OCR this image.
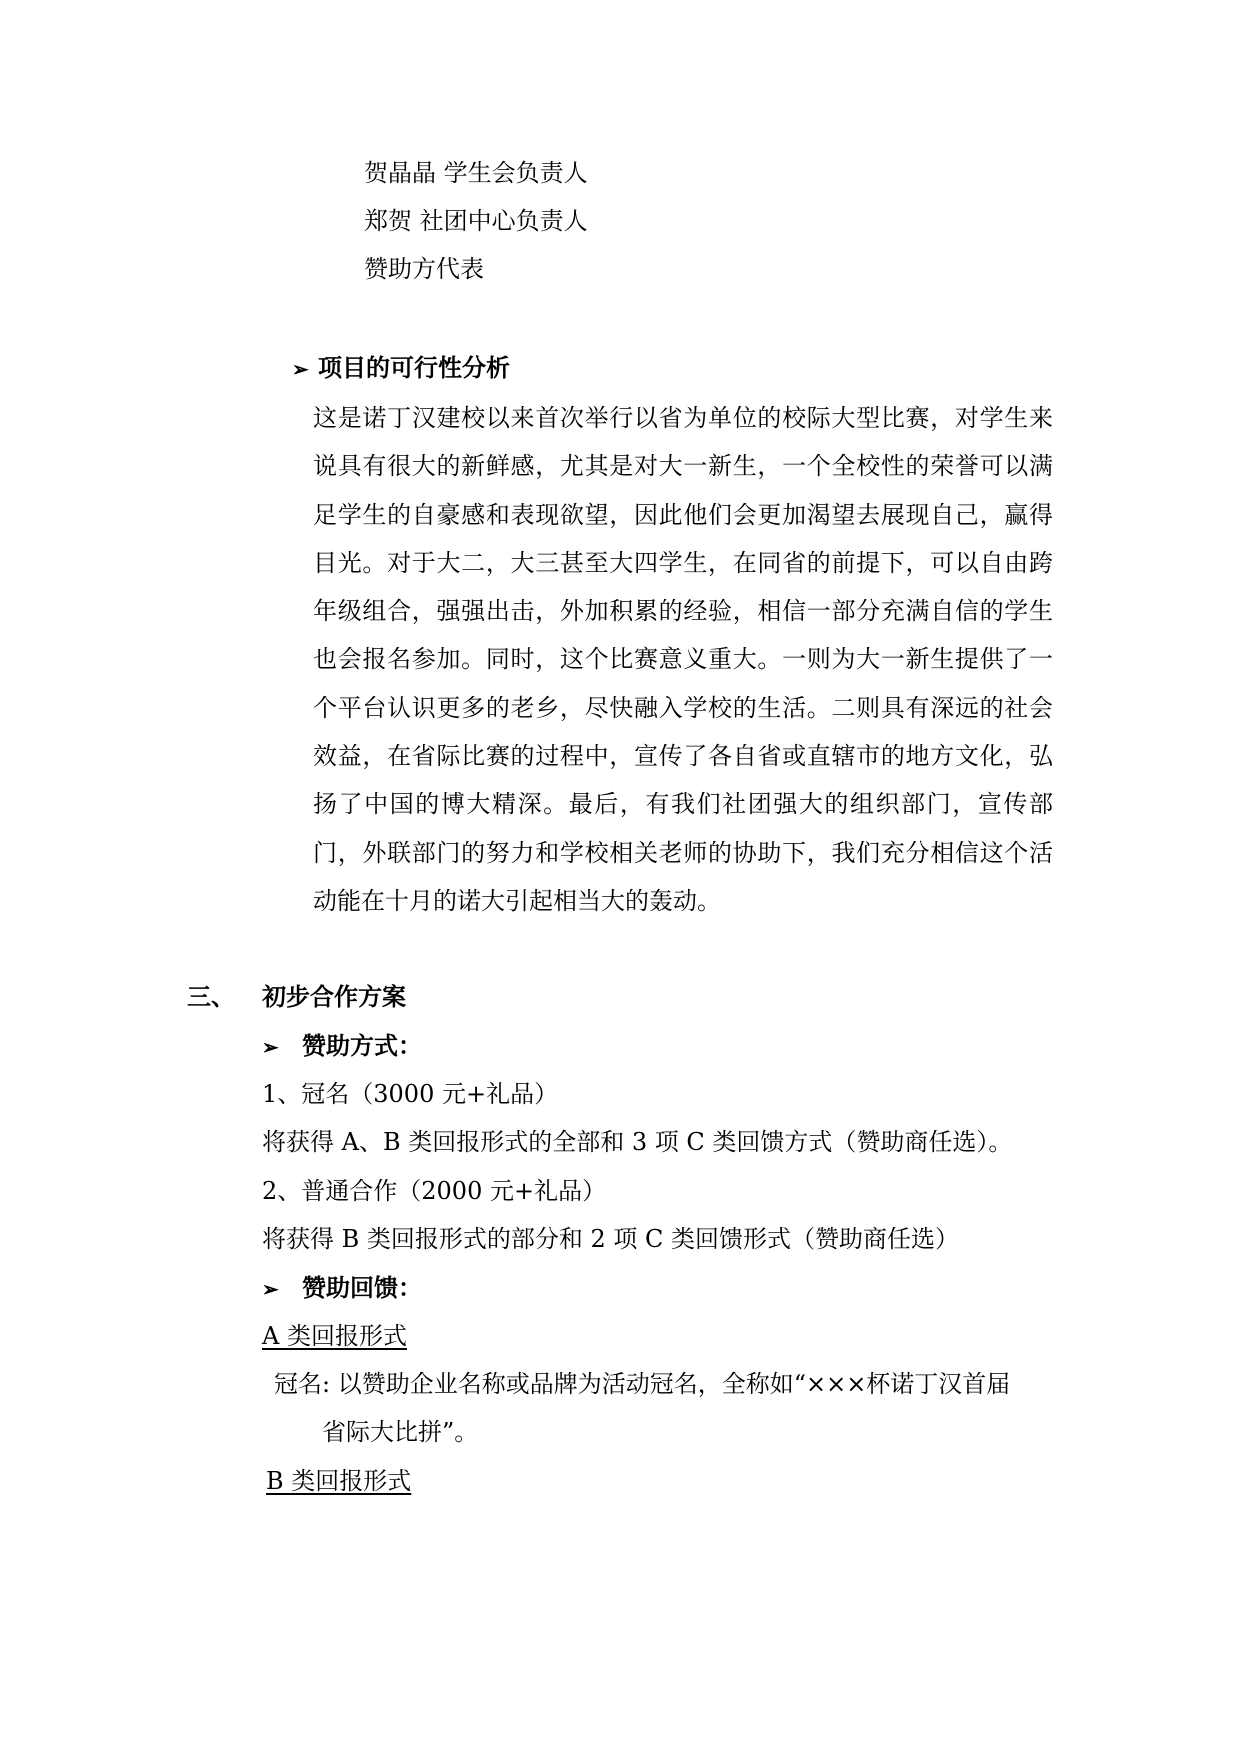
贺晶晶 学生会负责人
郑贺 社团中心负责人
赞助方代表
➢ 项目的可行性分析
这是诺丁汉建校以来首次举行以省为单位的校际大型比赛，对学生来说具有很大的新鲜感，尤其是对大一新生，一个全校性的荣誉可以满足学生的自豪感和表现欲望，因此他们会更加渴望去展现自己，赢得目光。对于大二，大三甚至大四学生，在同省的前提下，可以自由跨年级组合，强强出击，外加积累的经验，相信一部分充满自信的学生也会报名参加。同时，这个比赛意义重大。一则为大一新生提供了一个平台认识更多的老乡，尽快融入学校的生活。二则具有深远的社会效益，在省际比赛的过程中，宣传了各自省或直辖市的地方文化，弘扬了中国的博大精深。最后，有我们社团强大的组织部门，宣传部门，外联部门的努力和学校相关老师的协助下，我们充分相信这个活动能在十月的诺大引起相当大的轰动。
三、 初步合作方案
➢ 赞助方式：
1、冠名（3000 元+礼品）
将获得 A、B 类回报形式的全部和 3 项 C 类回馈方式（赞助商任选）。
2、普通合作（2000 元+礼品）
将获得 B 类回报形式的部分和 2 项 C 类回馈形式（赞助商任选）
➢ 赞助回馈：
A 类回报形式
冠名: 以赞助企业名称或品牌为活动冠名，全称如“×××杯诺丁汉首届
省际大比拼”。
B 类回报形式
